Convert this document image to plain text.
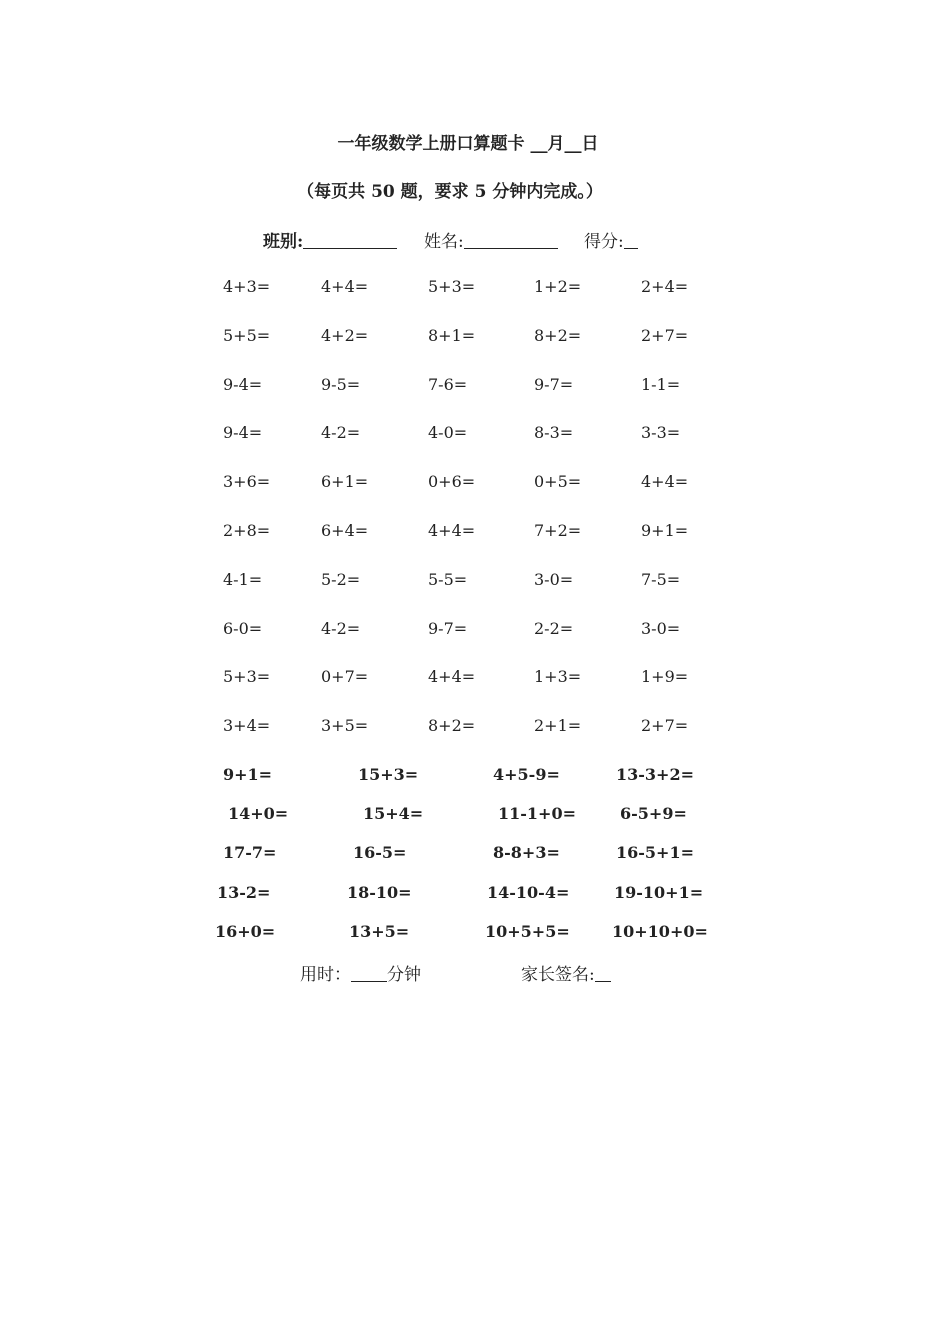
一年级数学上册口算题卡 __月__日
（每页共 50 题，要求 5 分钟内完成。）
班别:	姓名:	得分:
4+3=	4+4=	5+3=	1+2=	2+4=
5+5=	4+2=	8+1=	8+2=	2+7=
9-4=	9-5=	7-6=	9-7=	1-1=
9-4=	4-2=	4-0=	8-3=	3-3=
3+6=	6+1=	0+6=	0+5=	4+4=
2+8=	6+4=	4+4=	7+2=	9+1=
4-1=	5-2=	5-5=	3-0=	7-5=
6-0=	4-2=	9-7=	2-2=	3-0=
5+3=	0+7=	4+4=	1+3=	1+9=
3+4=	3+5=	8+2=	2+1=	2+7=
9+1=	15+3=	4+5-9=	13-3+2=
14+0=	15+4=	11-1+0=	6-5+9=
17-7=	16-5=	8-8+3=	16-5+1=
13-2=	18-10=	14-10-4=	19-10+1=
16+0=	13+5=	10+5+5=	10+10+0=
用时： 分钟	家长签名:
